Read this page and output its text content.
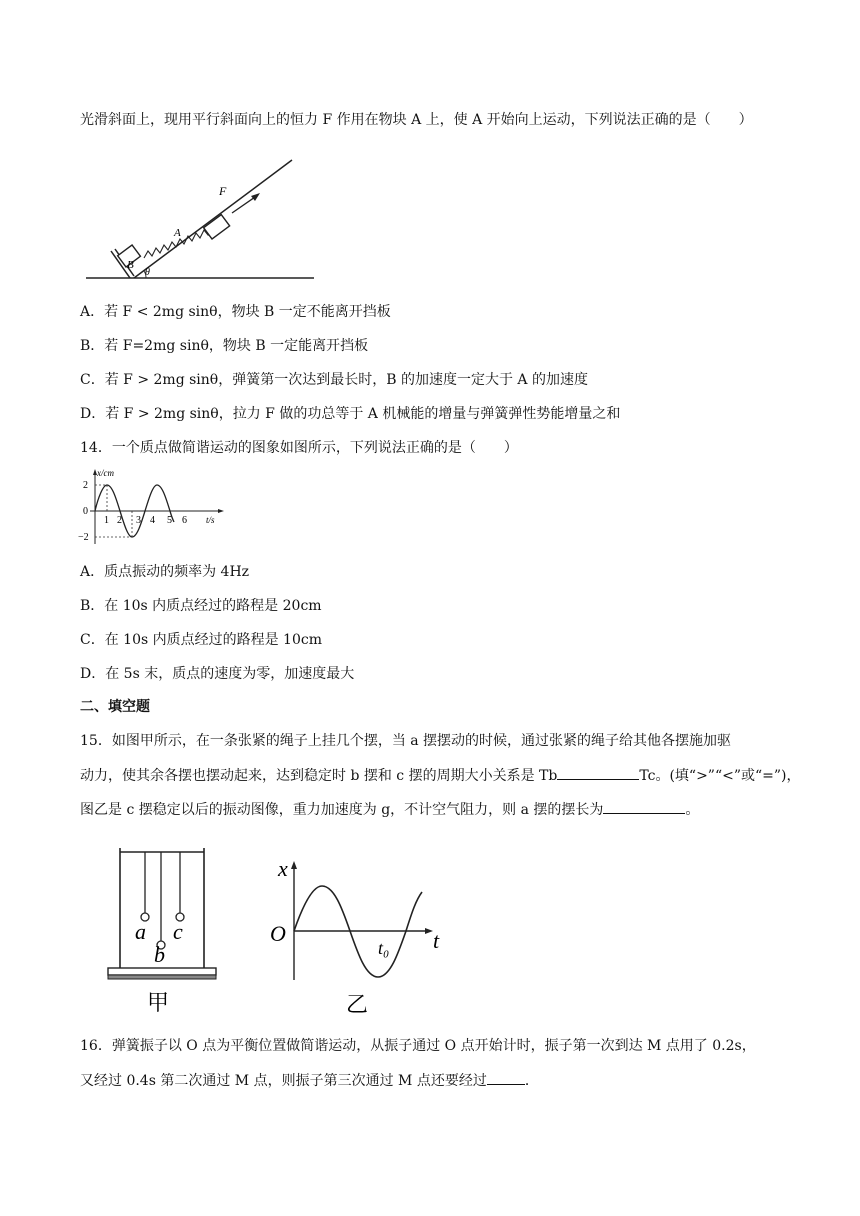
光滑斜面上，现用平行斜面向上的恒力 F 作用在物块 A 上，使 A 开始向上运动，下列说法正确的是（　　）
F
A
B
θ
A．若 F < 2mg sinθ，物块 B 一定不能离开挡板
B．若 F=2mg sinθ，物块 B 一定能离开挡板
C．若 F > 2mg sinθ，弹簧第一次达到最长时，B 的加速度一定大于 A 的加速度
D．若 F > 2mg sinθ，拉力 F 做的功总等于 A 机械能的增量与弹簧弹性势能增量之和
14．一个质点做简谐运动的图象如图所示，下列说法正确的是（　　）
x/cm
t/s
2
0
−2
1 2 3 4 5 6
A．质点振动的频率为 4Hz
B．在 10s 内质点经过的路程是 20cm
C．在 10s 内质点经过的路程是 10cm
D．在 5s 末，质点的速度为零，加速度最大
二、填空题
15．如图甲所示，在一条张紧的绳子上挂几个摆，当 a 摆摆动的时候，通过张紧的绳子给其他各摆施加驱
动力，使其余各摆也摆动起来，达到稳定时 b 摆和 c 摆的周期大小关系是 Tb	Tc。(填“>”“<”或“=”)，
图乙是 c 摆稳定以后的振动图像，重力加速度为 g，不计空气阻力，则 a 摆的摆长为	。
a
b
c
甲
x
O	t
t₀
乙
16．弹簧振子以 O 点为平衡位置做简谐运动，从振子通过 O 点开始计时，振子第一次到达 M 点用了 0.2s，
又经过 0.4s 第二次通过 M 点，则振子第三次通过 M 点还要经过	．
